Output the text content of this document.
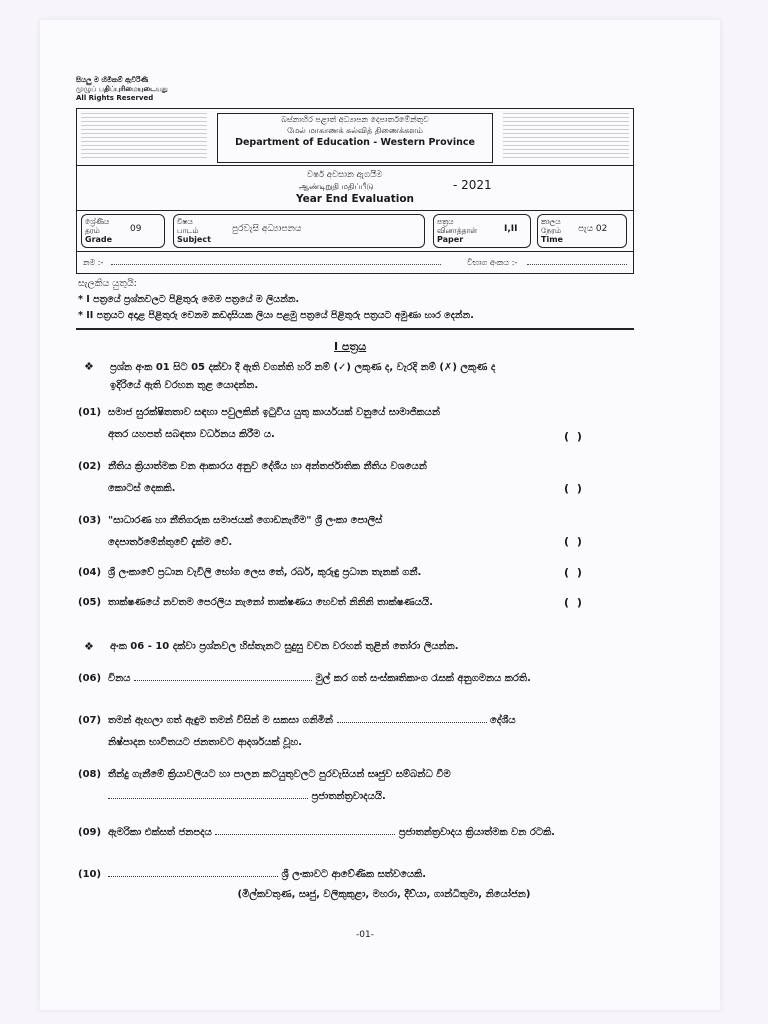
සියලු ම හිමිකම් ඇවිරිණි
முழுப் பதிப்புரிமையுடையது
All Rights Reserved
බස්නාහිර පළාත් අධ්‍යාපන දෙපාර්තමේන්තුව
மேல் மாகாணக் கல்வித் திணைக்களம்
Department of Education - Western Province
වර්ෂ අවසාන ඇගයීම
ஆண்டிறுதி மதிப்பீடு	- 2021
Year End Evaluation
ශ්‍රේණිය
தரம்
Grade
09
විෂය
பாடம்
Subject
පුරවැසි අධ්‍යාපනය
පත්‍රය
வினாத்தாள்
Paper
I,II
කාලය
நேரம்
Time
පැය 02
නම :-	විභාග අංකය :-
සැලකිය යුතුයි:
* I පත්‍රයේ ප්‍රශ්නවලට පිළිතුරු මෙම පත්‍රයේ ම ලියන්න.
* II පත්‍රයට අදාළ පිළිතුරු වෙනම කඩදාසියක ලියා පළමු පත්‍රයේ පිළිතුරු පත්‍රයට අමුණා භාර දෙන්න.
I පත්‍රය
❖ ප්‍රශ්න අංක 01 සිට 05 දක්වා දී ඇති වගන්ති හරි නම් (✓) ලකුණ ද, වැරදි නම් (✗) ලකුණ ද
ඉදිරියේ ඇති වරහන තුළ යොදන්න.
(01) සමාජ සුරක්ෂිතතාව සඳහා පවුලකින් ඉටුවිය යුතු කාර්යයක් වනුයේ සාමාජිකයන්
අතර යහපත් සබඳතා වර්ධනය කිරීම ය.	( )
(02) නීතිය ක්‍රියාත්මක වන ආකාරය අනුව දේශීය හා අන්තර්ජාතික නීතිය වශයෙන්
කොටස් දෙකකි.	( )
(03) "සාධාරණ හා නීතිගරුක සමාජයක් ගොඩනැගීම" ශ්‍රී ලංකා පොලිස්
දෙපාර්තමේන්තුවේ දැක්ම වේ.	( )
(04) ශ්‍රී ලංකාවේ ප්‍රධාන වැවිලි භෝග ලෙස තේ, රබර්, කුරුඳු ප්‍රධාන තැනක් ගනී.	( )
(05) තාක්ෂණයේ නවතම පෙරලිය නැනෝ තාක්ෂණය හෙවත් නිනිනි තාක්ෂණයයි.	( )
❖ අංක 06 - 10 දක්වා ප්‍රශ්නවල හිස්තැනට සුදුසු වචන වරහන් තුළින් තෝරා ලියන්න.
(06) විනය	මුල් කර ගත් සංස්කෘතිකාංග රැසක් අනුගමනය කරති.
(07) තමන් ඇඟලා ගත් ඇඳුම තමන් විසින් ම සකසා ගනිමින්	දේශීය
නිෂ්පාදන භාවිතයට ජනතාවට ආදර්ශයක් වූහ.
(08) තීන්දු ගැනීමේ ක්‍රියාවලියට හා පාලන කටයුතුවලට පුරවැසියන් සෘජුව සම්බන්ධ වීම
ප්‍රජාතන්ත්‍රවාදයයි.
(09) ඇමරිකා එක්සත් ජනපදය	ප්‍රජාතන්ත්‍රවාදය ක්‍රියාත්මක වන රටකි.
(10)	ශ්‍රී ලංකාවට ආවේණික සත්වයෙකි.
(මිල්කවතුණ, සෘජු, වලිකුකුළා, මහරා, දීව්යා, ගාන්ධිතුමා, නියෝජන)
-01-
